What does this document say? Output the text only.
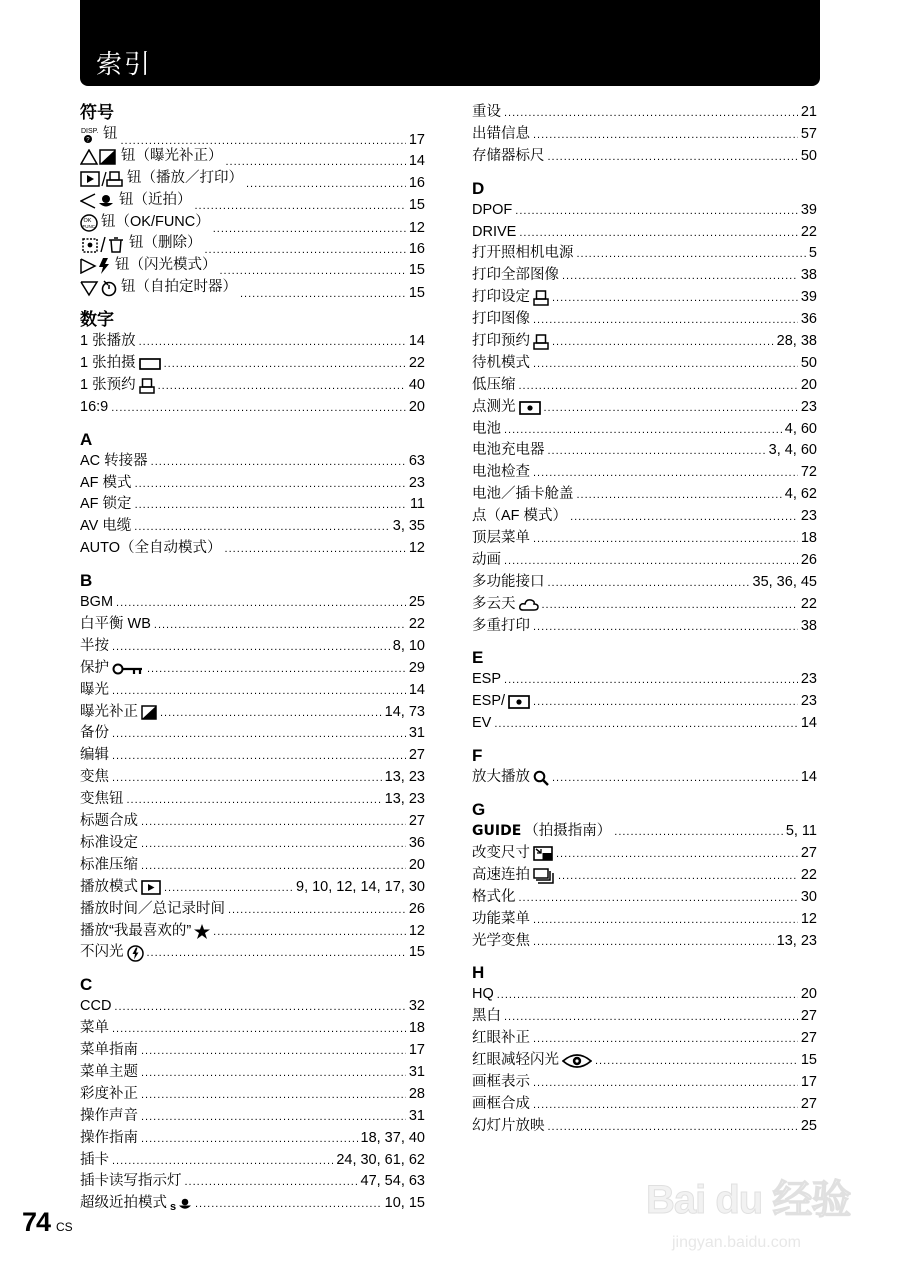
索引
符号
DISP.
? 钮 .....	17
钮（曝光补正） .....	14
钮（播放／打印） .....	16
钮（近拍） .....	15
OK
FUNC 钮（OK/FUNC） .....	12
钮（删除） .....	16
钮（闪光模式） .....	15
钮（自拍定时器） .....	15
数字
1 张播放 .....	14
1 张拍摄 .....	22
1 张预约 .....	40
16:9 .....	20
A
AC 转接器 .....	63
AF 模式 .....	23
AF 锁定 .....	11
AV 电缆 .....	3, 35
AUTO（全自动模式） .....	12
B
BGM .....	25
白平衡 WB .....	22
半按 .....	8, 10
保护 .....	29
曝光 .....	14
曝光补正 .....	14, 73
备份 .....	31
编辑 .....	27
变焦 .....	13, 23
变焦钮 .....	13, 23
标题合成 .....	27
标准设定 .....	36
标准压缩 .....	20
播放模式 .....	9, 10, 12, 14, 17, 30
播放时间／总记录时间 .....	26
播放“我最喜欢的” .....	12
不闪光 .....	15
C
CCD .....	32
菜单 .....	18
菜单指南 .....	17
菜单主题 .....	31
彩度补正 .....	28
操作声音 .....	31
操作指南 .....	18, 37, 40
插卡 .....	24, 30, 61, 62
插卡读写指示灯 .....	47, 54, 63
超级近拍模式 s .....	10, 15
重设 .....	21
出错信息 .....	57
存储器标尺 .....	50
D
DPOF .....	39
DRIVE .....	22
打开照相机电源 .....	5
打印全部图像 .....	38
打印设定 .....	39
打印图像 .....	36
打印预约 .....	28, 38
待机模式 .....	50
低压缩 .....	20
点测光 .....	23
电池 .....	4, 60
电池充电器 .....	3, 4, 60
电池检查 .....	72
电池／插卡舱盖 .....	4, 62
点（AF 模式） .....	23
顶层菜单 .....	18
动画 .....	26
多功能接口 .....	35, 36, 45
多云天 .....	22
多重打印 .....	38
E
ESP .....	23
ESP/ .....	23
EV .....	14
F
放大播放 .....	14
G
GUIDE （拍摄指南） .....	5, 11
改变尺寸 .....	27
高速连拍 .....	22
格式化 .....	30
功能菜单 .....	12
光学变焦 .....	13, 23
H
HQ .....	20
黑白 .....	27
红眼补正 .....	27
红眼减轻闪光 .....	15
画框表示 .....	17
画框合成 .....	27
幻灯片放映 .....	25
74 CS
Bai du 经验
jingyan.baidu.com
